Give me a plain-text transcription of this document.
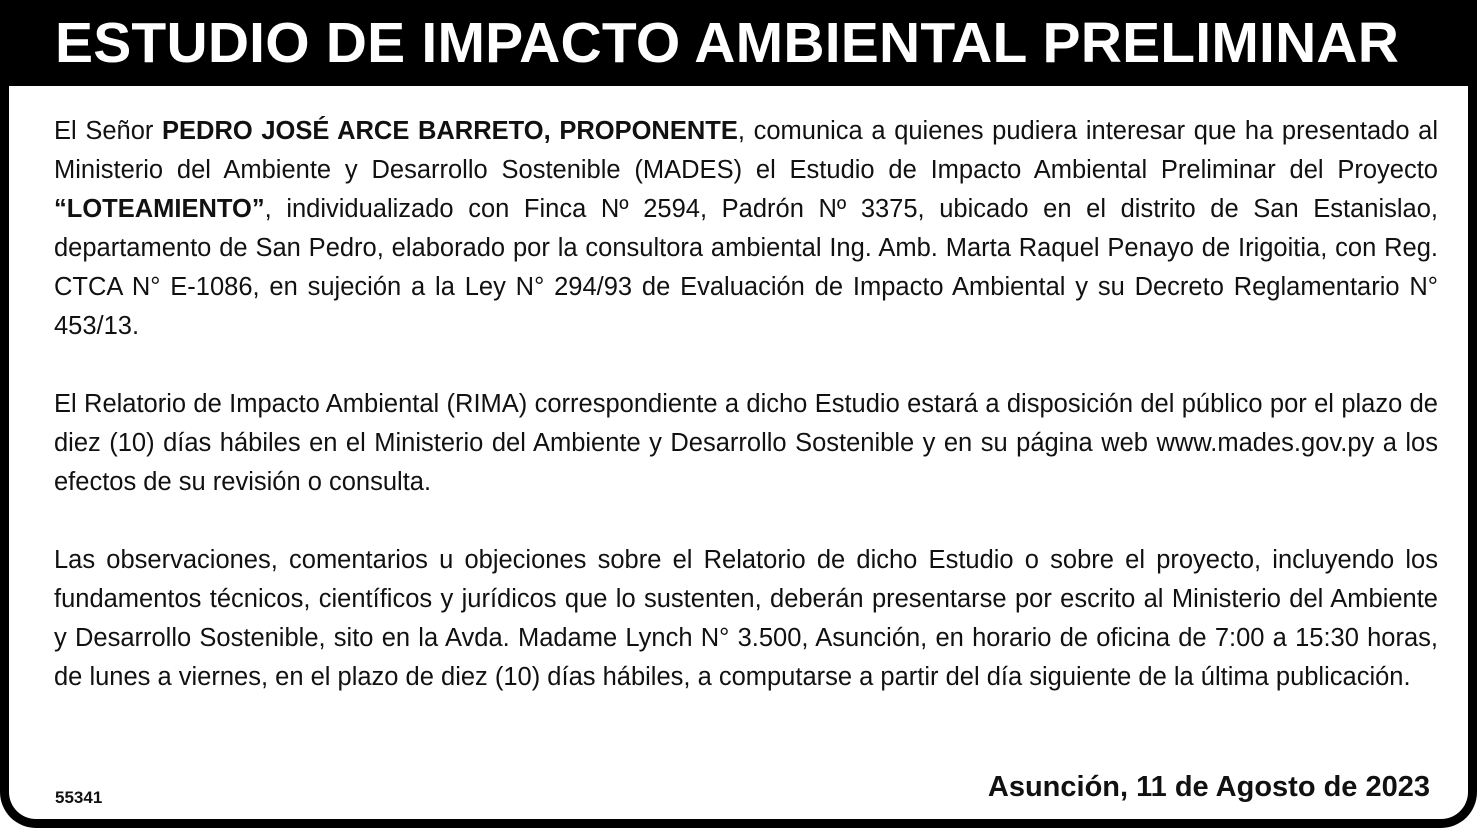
ESTUDIO DE IMPACTO AMBIENTAL PRELIMINAR

El Señor PEDRO JOSÉ ARCE BARRETO, PROPONENTE, comunica a quienes pudiera interesar que ha presentado al Ministerio del Ambiente y Desarrollo Sostenible (MADES) el Estudio de Impacto Ambiental Preliminar del Proyecto “LOTEAMIENTO”, individualizado con Finca Nº 2594, Padrón Nº 3375, ubicado en el distrito de San Estanislao, departamento de San Pedro, elaborado por la consultora ambiental Ing. Amb. Marta Raquel Penayo de Irigoitia, con Reg. CTCA N° E-1086, en sujeción a la Ley N° 294/93 de Evaluación de Impacto Ambiental y su Decreto Reglamentario N° 453/13.

El Relatorio de Impacto Ambiental (RIMA) correspondiente a dicho Estudio estará a disposición del público por el plazo de diez (10) días hábiles en el Ministerio del Ambiente y Desarrollo Sostenible y en su página web www.mades.gov.py a los efectos de su revisión o consulta.

Las observaciones, comentarios u objeciones sobre el Relatorio de dicho Estudio o sobre el proyecto, incluyendo los fundamentos técnicos, científicos y jurídicos que lo sustenten, deberán presentarse por escrito al Ministerio del Ambiente y Desarrollo Sostenible, sito en la Avda. Madame Lynch N° 3.500, Asunción, en horario de oficina de 7:00 a 15:30 horas, de lunes a viernes, en el plazo de diez (10) días hábiles, a computarse a partir del día siguiente de la última publicación.

55341	Asunción, 11 de Agosto de 2023
